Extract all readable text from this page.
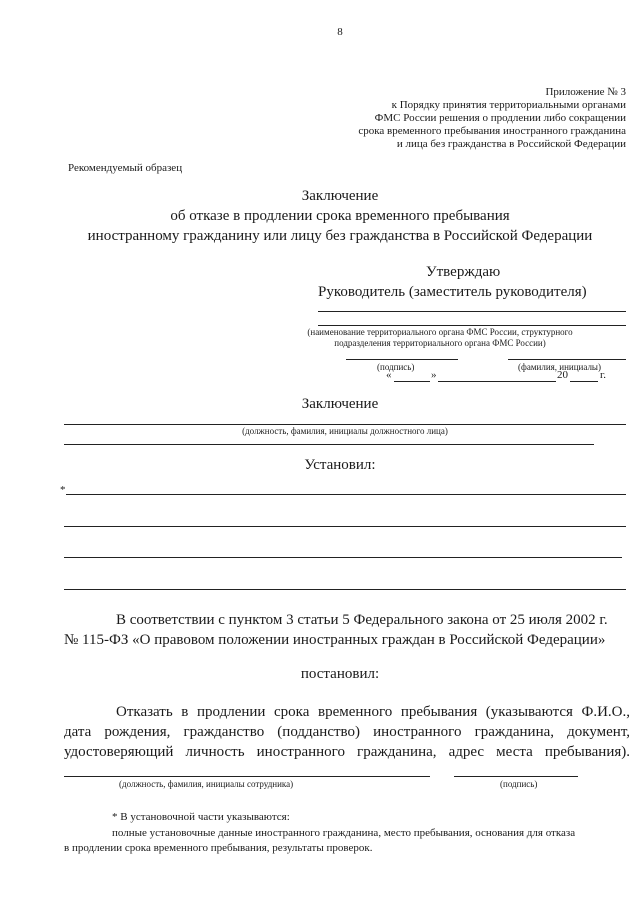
8
Приложение № 3
к Порядку принятия территориальными органами
ФМС России решения о продлении либо сокращении
срока временного пребывания иностранного гражданина
и лица без гражданства в Российской Федерации
Рекомендуемый образец
Заключение
об отказе в продлении срока временного пребывания
иностранному гражданину или лицу без гражданства в Российской Федерации
Утверждаю
Руководитель (заместитель руководителя)
(наименование территориального органа ФМС России, структурного
подразделения территориального органа ФМС России)
(подпись)	(фамилия, инициалы)
«	»	20	г.
Заключение
(должность, фамилия, инициалы должностного лица)
Установил:
*
В соответствии с пунктом 3 статьи 5 Федерального закона от 25 июля 2002 г.
№ 115-ФЗ «О правовом положении иностранных граждан в Российской Федерации»
постановил:
Отказать в продлении срока временного пребывания (указываются Ф.И.О.,
дата рождения, гражданство (подданство) иностранного гражданина, документ,
удостоверяющий личность иностранного гражданина, адрес места пребывания).
(должность, фамилия, инициалы сотрудника)	(подпись)
* В установочной части указываются:
полные установочные данные иностранного гражданина, место пребывания, основания для отказа
в продлении срока временного пребывания, результаты проверок.
